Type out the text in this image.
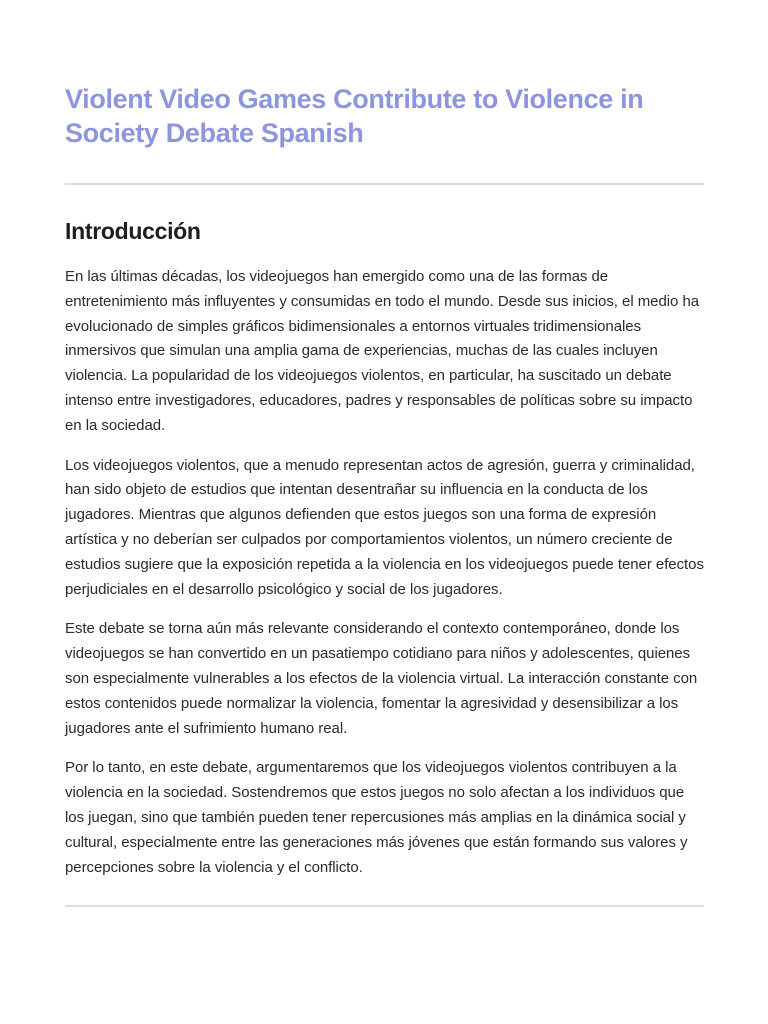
Violent Video Games Contribute to Violence in Society Debate Spanish
Introducción

En las últimas décadas, los videojuegos han emergido como una de las formas de entretenimiento más influyentes y consumidas en todo el mundo. Desde sus inicios, el medio ha evolucionado de simples gráficos bidimensionales a entornos virtuales tridimensionales inmersivos que simulan una amplia gama de experiencias, muchas de las cuales incluyen violencia. La popularidad de los videojuegos violentos, en particular, ha suscitado un debate intenso entre investigadores, educadores, padres y responsables de políticas sobre su impacto en la sociedad.

Los videojuegos violentos, que a menudo representan actos de agresión, guerra y criminalidad, han sido objeto de estudios que intentan desentrañar su influencia en la conducta de los jugadores. Mientras que algunos defienden que estos juegos son una forma de expresión artística y no deberían ser culpados por comportamientos violentos, un número creciente de estudios sugiere que la exposición repetida a la violencia en los videojuegos puede tener efectos perjudiciales en el desarrollo psicológico y social de los jugadores.

Este debate se torna aún más relevante considerando el contexto contemporáneo, donde los videojuegos se han convertido en un pasatiempo cotidiano para niños y adolescentes, quienes son especialmente vulnerables a los efectos de la violencia virtual. La interacción constante con estos contenidos puede normalizar la violencia, fomentar la agresividad y desensibilizar a los jugadores ante el sufrimiento humano real.

Por lo tanto, en este debate, argumentaremos que los videojuegos violentos contribuyen a la violencia en la sociedad. Sostendremos que estos juegos no solo afectan a los individuos que los juegan, sino que también pueden tener repercusiones más amplias en la dinámica social y cultural, especialmente entre las generaciones más jóvenes que están formando sus valores y percepciones sobre la violencia y el conflicto.
